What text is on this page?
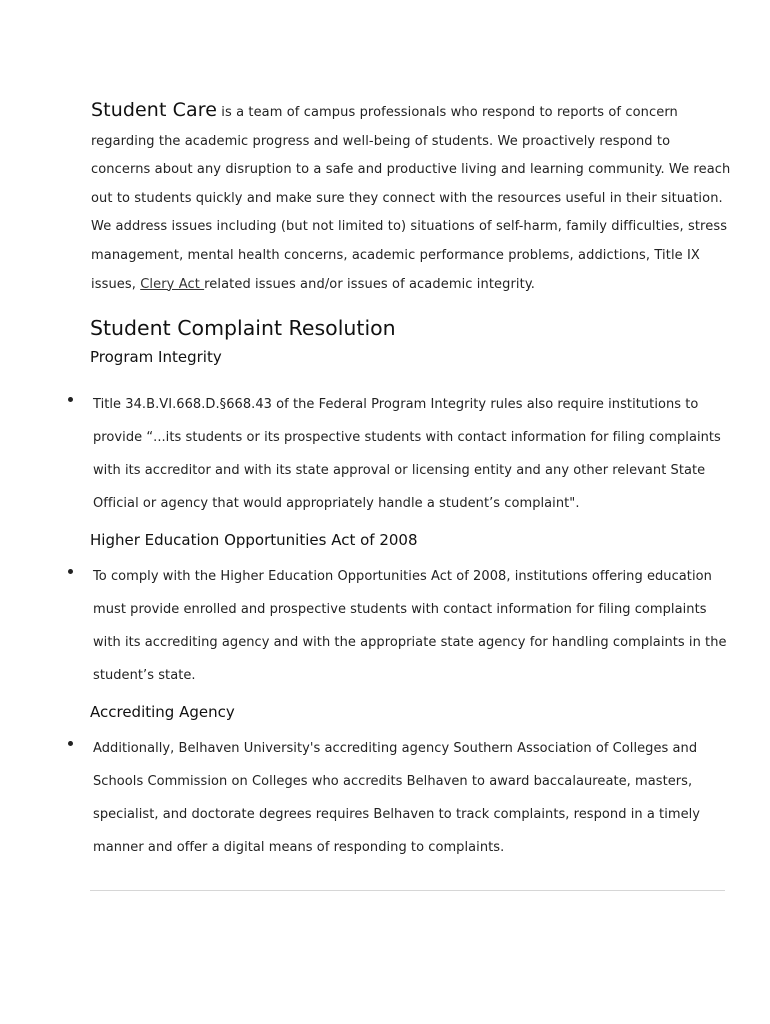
Student Care is a team of campus professionals who respond to reports of concern regarding the academic progress and well-being of students. We proactively respond to concerns about any disruption to a safe and productive living and learning community. We reach out to students quickly and make sure they connect with the resources useful in their situation. We address issues including (but not limited to) situations of self-harm, family difficulties, stress management, mental health concerns, academic performance problems, addictions, Title IX issues, Clery Act related issues and/or issues of academic integrity.
Student Complaint Resolution
Program Integrity
Title 34.B.VI.668.D.§668.43 of the Federal Program Integrity rules also require institutions to provide “...its students or its prospective students with contact information for filing complaints with its accreditor and with its state approval or licensing entity and any other relevant State Official or agency that would appropriately handle a student’s complaint".
Higher Education Opportunities Act of 2008
To comply with the Higher Education Opportunities Act of 2008, institutions offering education must provide enrolled and prospective students with contact information for filing complaints with its accrediting agency and with the appropriate state agency for handling complaints in the student’s state.
Accrediting Agency
Additionally, Belhaven University's accrediting agency Southern Association of Colleges and Schools Commission on Colleges who accredits Belhaven to award baccalaureate, masters, specialist, and doctorate degrees requires Belhaven to track complaints, respond in a timely manner and offer a digital means of responding to complaints.
